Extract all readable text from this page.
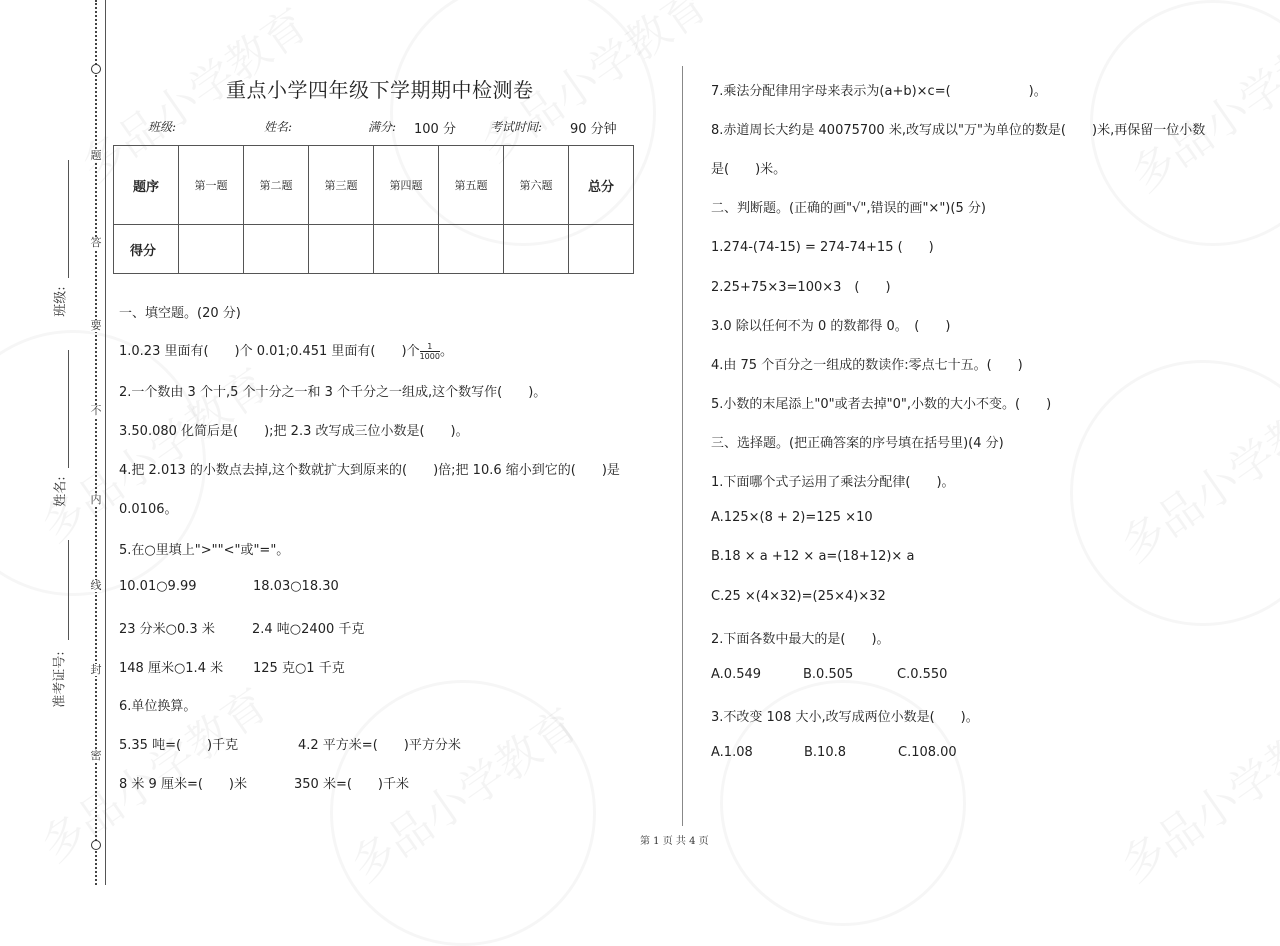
题
答
要
不
内
线
封
密
班级:
姓名:
准考证号:
重点小学四年级下学期期中检测卷
班级:	姓名:	满分: 100 分	考试时间: 90 分钟
题序	第一题	第二题	第三题	第四题	第五题	第六题	总分
得分							
一、填空题。(20 分)
1.0.23 里面有(　　)个 0.01;0.451 里面有(　　)个 $\frac{1}{1000}$ 。
2.一个数由 3 个十,5 个十分之一和 3 个千分之一组成,这个数写作(　　)。
3.50.080 化简后是(　　);把 2.3 改写成三位小数是(　　)。
4.把 2.013 的小数点去掉,这个数就扩大到原来的(　　)倍;把 10.6 缩小到它的(　　)是
0.0106。
5.在○里填上">""<"或"="。
10.01○9.99	18.03○18.30
23 分米○0.3 米	2.4 吨○2400 千克
148 厘米○1.4 米 125 克○1 千克
6.单位换算。
5.35 吨=(　　)千克	4.2 平方米=(　　)平方分米
8 米 9 厘米=(　　)米	350 米=(　　)千米
7.乘法分配律用字母来表示为(a+b)×c=(　　　　　　)。
8.赤道周长大约是 40075700 米,改写成以"万"为单位的数是(　　)米,再保留一位小数
是(　　)米。
二、判断题。(正确的画"√",错误的画"×")(5 分)
1.274-(74-15) = 274-74+15 (　　)
2.25+75×3=100×3　(　　)
3.0 除以任何不为 0 的数都得 0。　(　　)
4.由 75 个百分之一组成的数读作:零点七十五。(　　)
5.小数的末尾添上"0"或者去掉"0",小数的大小不变。(　　)
三、选择题。(把正确答案的序号填在括号里)(4 分)
1.下面哪个式子运用了乘法分配律(　　)。
A.125×(8 + 2)=125 ×10
B.18 × a +12 × a=(18+12)× a
C.25 ×(4×32)=(25×4)×32
2.下面各数中最大的是(　　)。
A.0.549	B.0.505	C.0.550
3.不改变 108 大小,改写成两位小数是(　　)。
A.1.08	B.10.8	C.108.00
第 1 页 共 4 页
